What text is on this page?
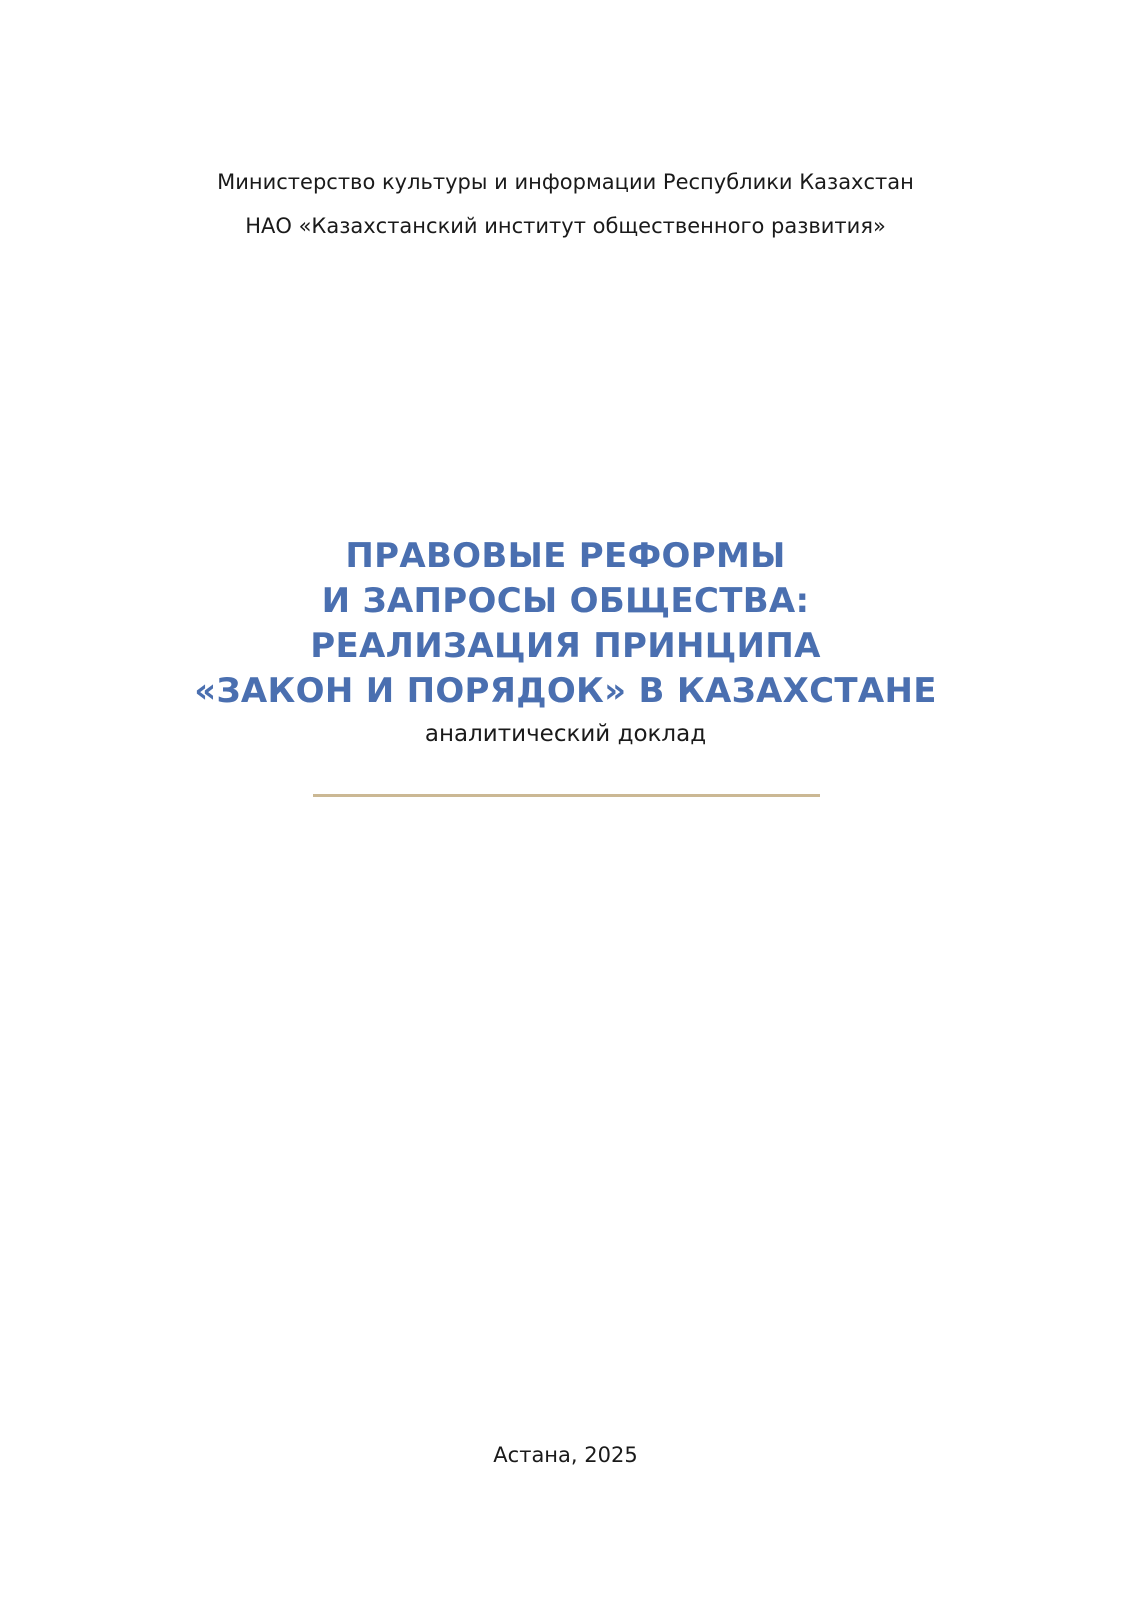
Министерство культуры и информации Республики Казахстан
НАО «Казахстанский институт общественного развития»
ПРАВОВЫЕ РЕФОРМЫ
И ЗАПРОСЫ ОБЩЕСТВА:
РЕАЛИЗАЦИЯ ПРИНЦИПА
«ЗАКОН И ПОРЯДОК» В КАЗАХСТАНЕ
аналитический доклад
Астана, 2025
